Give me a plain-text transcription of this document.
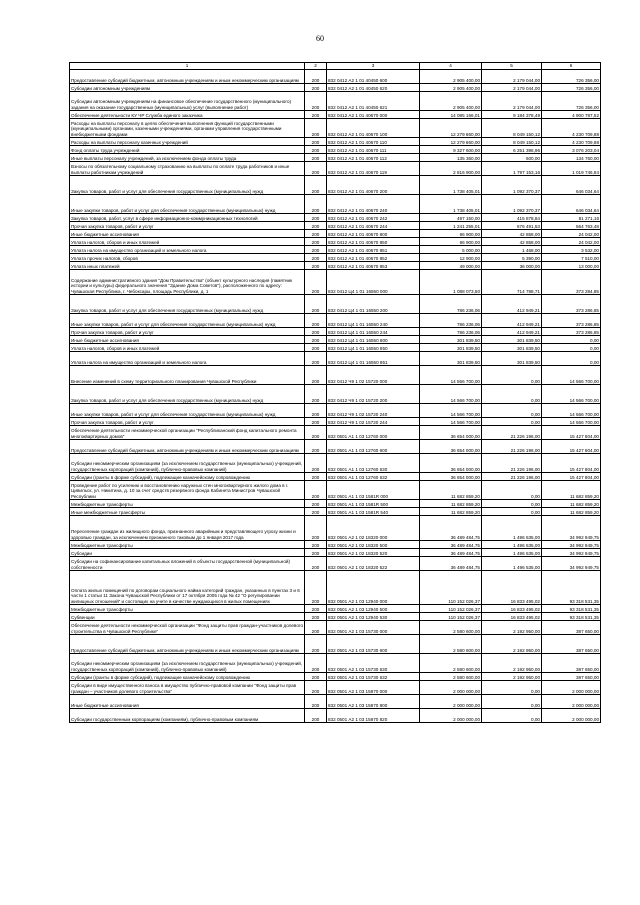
60
1	2	3	4	5	6
Предоставление субсидий бюджетным, автономным учреждениям и иным некоммерческим организациям	200	832 0412 А2 1 01 40450 600	2 905 400,00	2 179 044,00	726 356,00
Субсидии автономным учреждениям	200	832 0412 А2 1 01 40450 620	2 905 400,00	2 179 044,00	726 356,00
Субсидии автономным учреждениям на финансовое обеспечение государственного (муниципального) задания на оказание государственных (муниципальных) услуг (выполнение работ)	200	832 0412 А2 1 01 40450 621	2 905 400,00	2 179 044,00	726 356,00
Обеспечение деятельности КУ ЧР Служба единого заказчика	200	832 0412 А2 1 01 40670 000	14 085 166,01	9 184 378,49	4 900 787,52
Расходы на выплаты персоналу в целях обеспечения выполнения функций государственными (муниципальными) органами, казенными учреждениями, органами управления государственными внебюджетными фондами	200	832 0412 А2 1 01 40670 100	12 279 860,00	8 049 150,12	4 230 709,88
Расходы на выплаты персоналу казенных учреждений	200	832 0412 А2 1 01 40670 110	12 279 860,00	8 049 150,12	4 230 709,88
Фонд оплаты труда учреждений	200	832 0412 А2 1 01 40670 111	9 327 600,00	6 251 396,96	3 076 203,04
Иные выплаты персоналу учреждений, за исключением фонда оплаты труда	200	832 0412 А2 1 01 40670 112	135 360,00	600,00	134 760,00
Взносы по обязательному социальному страхованию на выплаты по оплате труда работников и иные выплаты работникам учреждений	200	832 0412 А2 1 01 40670 119	2 816 900,00	1 797 153,16	1 019 746,84
Закупка товаров, работ и услуг для обеспечения государственных (муниципальных) нужд	200	832 0412 А2 1 01 40670 200	1 738 405,01	1 092 370,37	646 034,64
Иные закупки товаров, работ и услуг для обеспечения государственных (муниципальных) нужд	200	832 0412 А2 1 01 40670 240	1 738 405,01	1 092 370,37	646 034,64
Закупка товаров, работ, услуг в сфере информационно-коммуникационных технологий	200	832 0412 А2 1 01 40670 242	497 150,00	415 878,84	81 271,16
Прочая закупка товаров, работ и услуг	200	832 0412 А2 1 01 40670 244	1 241 255,01	676 491,53	564 763,48
Иные бюджетные ассигнования	200	832 0412 А2 1 01 40670 800	66 900,00	42 858,00	24 042,00
Уплата налогов, сборов и иных платежей	200	832 0412 А2 1 01 40670 850	66 900,00	42 858,00	24 042,00
Уплата налога на имущество организаций и земельного налога	200	832 0412 А2 1 01 40670 851	5 000,00	1 468,00	3 532,00
Уплата прочих налогов, сборов	200	832 0412 А2 1 01 40670 852	12 900,00	5 390,00	7 510,00
Уплата иных платежей	200	832 0412 А2 1 01 40670 853	49 000,00	36 000,00	13 000,00
Содержание административного здания "Дом Правительства" (объект культурного наследия (памятник истории и культуры) федерального значения "Здание Дома Советов"), расположенного по адресу: Чувашская Республика, г. Чебоксары, площадь Республики, д. 1	200	832 0412 Ц4 1 01 16550 000	1 088 073,50	714 788,71	373 284,85
Закупка товаров, работ и услуг для обеспечения государственных (муниципальных) нужд	200	832 0412 Ц4 1 01 16550 200	786 236,06	412 949,21	373 286,85
Иные закупки товаров, работ и услуг для обеспечения государственных (муниципальных) нужд	200	832 0412 Ц4 1 01 16550 240	786 236,06	412 949,21	373 286,85
Прочая закупка товаров, работ и услуг	200	832 0412 Ц4 1 01 16550 244	786 236,06	412 949,21	373 286,85
Иные бюджетные ассигнования	200	832 0412 Ц4 1 01 16550 800	301 839,50	301 839,50	0,00
Уплата налогов, сборов и иных платежей	200	832 0412 Ц4 1 01 16550 850	301 839,50	301 839,50	0,00
Уплата налога на имущество организаций и земельного налога	200	832 0412 Ц4 1 01 16550 851	301 839,50	301 839,50	0,00
Внесение изменений в схему территориального планирования Чувашской Республики	200	832 0412 Ч9 1 02 15720 000	14 566 700,00	0,00	14 566 700,00
Закупка товаров, работ и услуг для обеспечения государственных (муниципальных) нужд	200	832 0412 Ч9 1 02 15720 200	14 566 700,00	0,00	14 566 700,00
Иные закупки товаров, работ и услуг для обеспечения государственных (муниципальных) нужд	200	832 0412 Ч9 1 02 15720 240	14 566 700,00	0,00	14 566 700,00
Прочая закупка товаров, работ и услуг	200	832 0412 Ч9 1 02 15720 244	14 566 700,00	0,00	14 566 700,00
Обеспечение деятельности некоммерческой организации "Республиканский фонд капитального ремонта многоквартирных домов"	200	832 0501 А1 1 03 12760 000	36 654 000,00	21 226 196,00	15 427 804,00
Предоставление субсидий бюджетным, автономным учреждениям и иным некоммерческим организациям	200	832 0501 А1 1 03 12760 600	36 654 000,00	21 226 196,00	15 427 804,00
Субсидии некоммерческим организациям (за исключением государственных (муниципальных) учреждений, государственных корпораций (компаний), публично-правовых компаний)	200	832 0501 А1 1 03 12760 630	36 654 000,00	21 226 196,00	15 427 804,00
Субсидии (гранты в форме субсидий), подлежащие казначейскому сопровождению	200	832 0501 А1 1 03 12760 632	36 654 000,00	21 226 196,00	15 427 804,00
Проведение работ по усилению и восстановлению наружных стен многоквартирного жилого дома в г. Цивильск, ул. Никитина, д. 10 за счет средств резервного фонда Кабинета Министров Чувашской Республики	200	832 0501 А1 1 03 1581R 000	11 682 859,20	0,00	11 682 859,20
Межбюджетные трансферты	200	832 0501 А1 1 03 1581R 500	11 682 859,20	0,00	11 682 859,20
Иные межбюджетные трансферты	200	832 0501 А1 1 03 1581R 540	11 682 859,20	0,00	11 682 859,20
Переселение граждан из жилищного фонда, признанного аварийным и представляющего угрозу жизни и здоровью граждан, за исключением признанного таковым до 1 января 2017 года	200	832 0501 А2 1 02 18320 000	36 489 484,75	1 496 535,00	34 992 949,75
Межбюджетные трансферты	200	832 0501 А2 1 02 18320 500	36 489 484,75	1 496 535,00	34 992 949,75
Субсидии	200	832 0501 А2 1 02 18320 520	36 489 484,75	1 496 535,00	34 992 949,75
Субсидии на софинансирование капитальных вложений в объекты государственной (муниципальной) собственности	200	832 0501 А2 1 02 18320 522	36 489 484,75	1 496 535,00	34 992 949,75
Оплата жилых помещений по договорам социального найма категорий граждан, указанных в пунктах 3 и 6 части 1 статьи 11 Закона Чувашской Республики от 17 октября 2005 года № 42 "О регулировании жилищных отношений" и состоящих на учете в качестве нуждающихся в жилых помещениях	200	832 0501 А2 1 03 12940 000	110 152 026,37	16 833 495,02	93 318 531,35
Межбюджетные трансферты	200	832 0501 А2 1 03 12940 500	110 152 026,37	16 833 495,02	93 318 531,35
Субвенции	200	832 0501 А2 1 03 12940 530	110 152 026,37	16 833 495,02	93 318 531,35
Обеспечение деятельности некоммерческой организации "Фонд защиты прав граждан-участников долевого строительства в Чувашской Республике"	200	832 0501 А2 1 03 15730 000	2 580 600,00	2 192 950,00	387 650,00
Предоставление субсидий бюджетным, автономным учреждениям и иным некоммерческим организациям	200	832 0501 А2 1 03 15730 600	2 580 600,00	2 192 950,00	387 650,00
Субсидии некоммерческим организациям (за исключением государственных (муниципальных) учреждений, государственных корпораций (компаний), публично-правовых компаний)	200	832 0501 А2 1 03 15730 630	2 580 600,00	2 192 950,00	387 650,00
Субсидии (гранты в форме субсидий), подлежащие казначейскому сопровождению	200	832 0501 А2 1 03 15730 632	2 580 600,00	2 192 950,00	387 650,00
Субсидии в виде имущественного взноса в имущество публично-правовой компании "Фонд защиты прав граждан – участников долевого строительства"	200	832 0501 А2 1 03 15870 000	2 000 000,00	0,00	2 000 000,00
Иные бюджетные ассигнования	200	832 0501 А2 1 03 15870 800	2 000 000,00	0,00	2 000 000,00
Субсидии государственным корпорациям (компаниям), публично-правовым компаниям	200	832 0501 А2 1 03 15870 820	2 000 000,00	0,00	2 000 000,00
